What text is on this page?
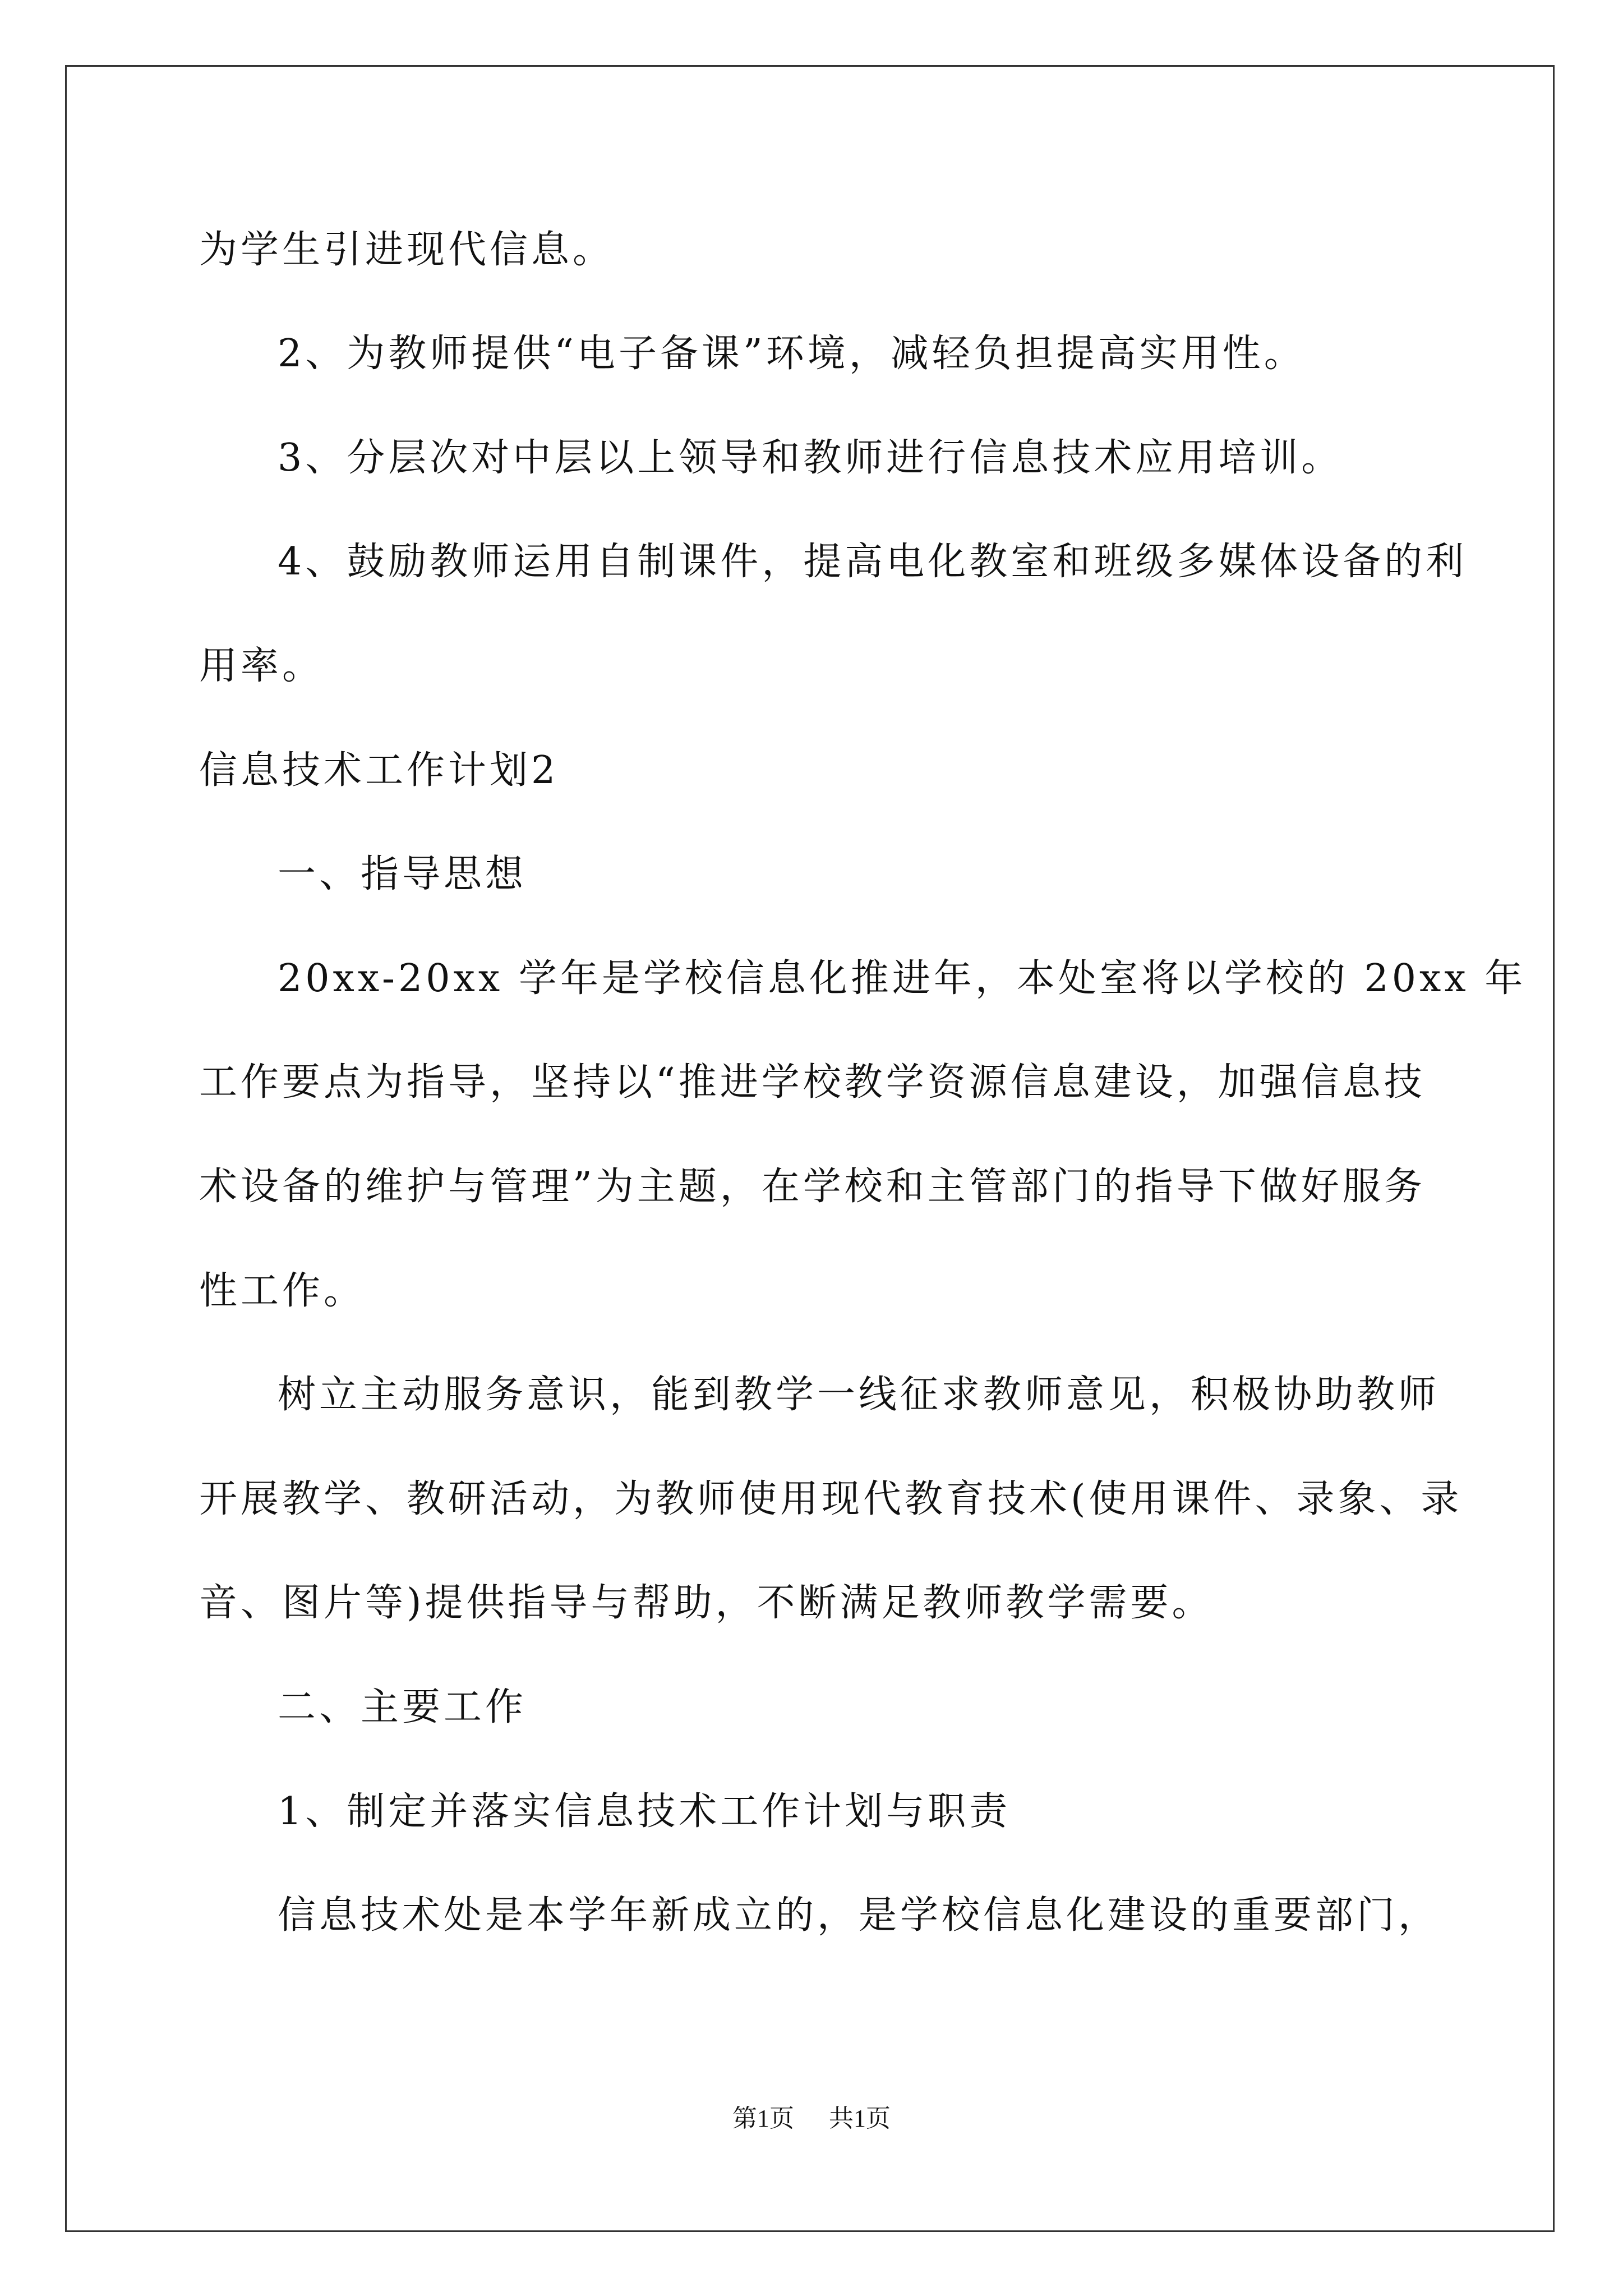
为学生引进现代信息。
2、为教师提供“电子备课”环境，减轻负担提高实用性。
3、分层次对中层以上领导和教师进行信息技术应用培训。
4、鼓励教师运用自制课件，提高电化教室和班级多媒体设备的利
用率。
信息技术工作计划2
一、指导思想
20xx-20xx 学年是学校信息化推进年，本处室将以学校的 20xx 年
工作要点为指导，坚持以“推进学校教学资源信息建设，加强信息技
术设备的维护与管理”为主题，在学校和主管部门的指导下做好服务
性工作。
树立主动服务意识，能到教学一线征求教师意见，积极协助教师
开展教学、教研活动，为教师使用现代教育技术(使用课件、录象、录
音、图片等)提供指导与帮助，不断满足教师教学需要。
二、主要工作
1、制定并落实信息技术工作计划与职责
信息技术处是本学年新成立的，是学校信息化建设的重要部门，
第1页 共1页
